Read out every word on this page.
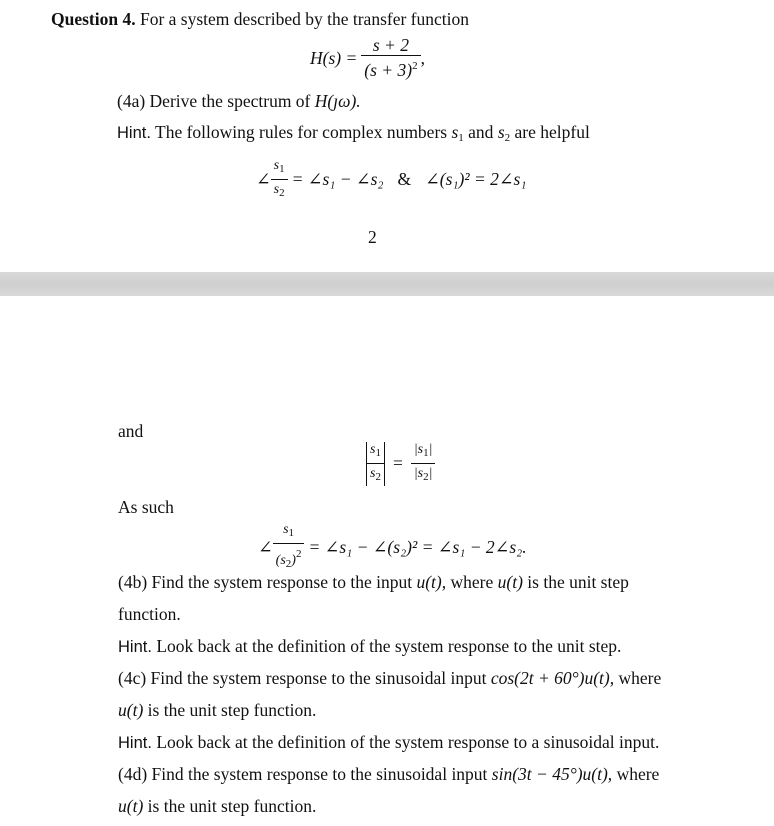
Question 4. For a system described by the transfer function
$H(s) = \frac{s + 2}{(s + 3)^2}$ ,
(4a) Derive the spectrum of H(ȷω).
Hint. The following rules for complex numbers $s_1$ and $s_2$ are helpful
∠ $\frac{s_1}{s_2}$ = ∠s₁ − ∠s₂ & ∠(s₁)² = 2∠s₁
2
and
$\frac{s_1}{s_2} = \frac{|s_1|}{|s_2|}$
As such
∠ $\frac{s_1}{(s_2)^2}$ = ∠s₁ − ∠(s₂)² = ∠s₁ − 2∠s₂.
(4b) Find the system response to the input u(t), where u(t) is the unit step
function.
Hint. Look back at the definition of the system response to the unit step.
(4c) Find the system response to the sinusoidal input cos(2t + 60°)u(t), where
u(t) is the unit step function.
Hint. Look back at the definition of the system response to a sinusoidal input.
(4d) Find the system response to the sinusoidal input sin(3t − 45°)u(t), where
u(t) is the unit step function.
